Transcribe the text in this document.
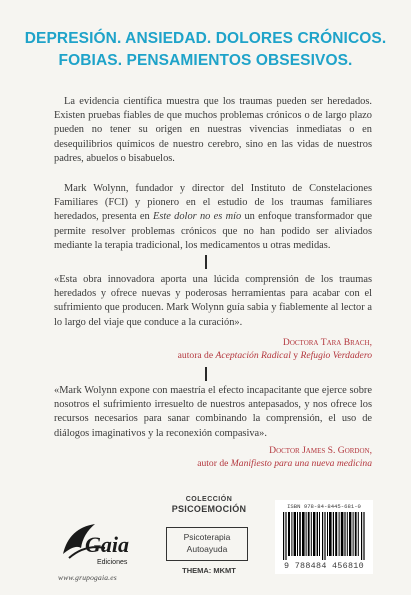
DEPRESIÓN. ANSIEDAD. DOLORES CRÓNICOS.
FOBIAS. PENSAMIENTOS OBSESIVOS.

La evidencia científica muestra que los traumas pueden ser heredados. Existen pruebas fiables de que muchos problemas crónicos o de largo plazo pueden no tener su origen en nuestras vivencias inmediatas o en desequilibrios químicos de nuestro cerebro, sino en las vidas de nuestros padres, abuelos o bisabuelos.

Mark Wolynn, fundador y director del Instituto de Constelaciones Familiares (FCI) y pionero en el estudio de los traumas familiares heredados, presenta en Este dolor no es mío un enfoque transformador que permite resolver problemas crónicos que no han podido ser aliviados mediante la terapia tradicional, los medicamentos u otras medidas.

«Esta obra innovadora aporta una lúcida comprensión de los traumas heredados y ofrece nuevas y poderosas herramientas para acabar con el sufrimiento que producen. Mark Wolynn guía sabia y fiablemente al lector a lo largo del viaje que conduce a la curación».

Doctora Tara Brach,
autora de Aceptación Radical y Refugio Verdadero

«Mark Wolynn expone con maestría el efecto incapacitante que ejerce sobre nosotros el sufrimiento irresuelto de nuestros antepasados, y nos ofrece los recursos necesarios para sanar combinando la comprensión, el uso de diálogos imaginativos y la reconexión compasiva».

Doctor James S. Gordon,
autor de Manifiesto para una nueva medicina
Gaia
Ediciones
www.grupogaia.es
COLECCIÓN
PSICOEMOCIÓN
Psicoterapia
Autoayuda
THEMA: MKMT
ISBN 978-84-8445-681-0
9 788484 456810
